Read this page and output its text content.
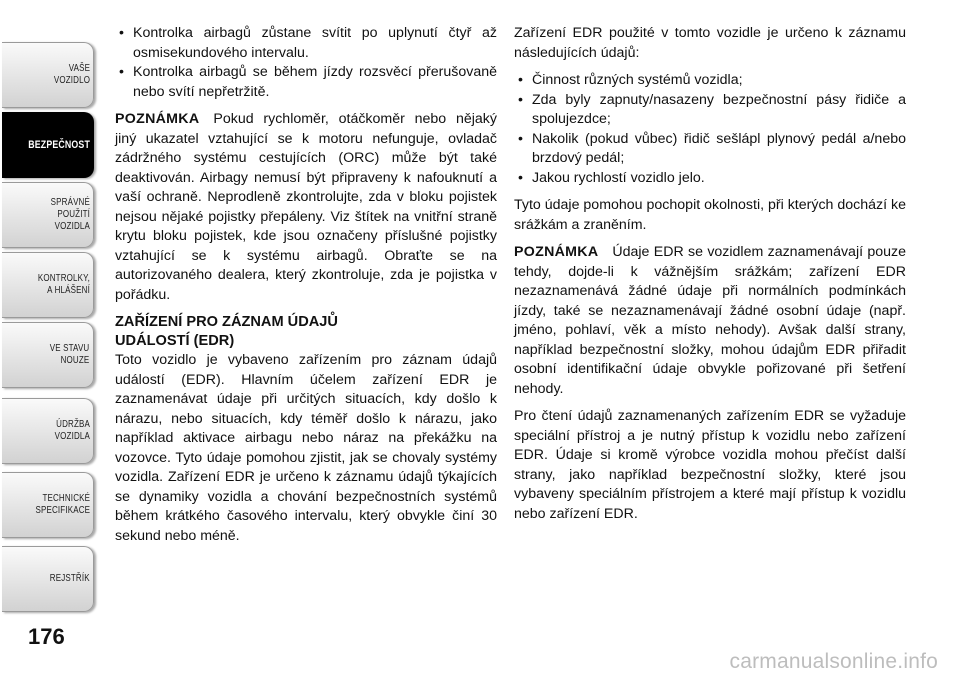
VAŠE
VOZIDLO
BEZPEČNOST
SPRÁVNÉ
POUŽITÍ
VOZIDLA
KONTROLKY,
A HLÁŠENÍ
VE STAVU
NOUZE
ÚDRŽBA
VOZIDLA
TECHNICKÉ
SPECIFIKACE
REJSTŘÍK
176
• Kontrolka airbagů zůstane svítit po uplynutí čtyř až osmisekundového intervalu.
• Kontrolka airbagů se během jízdy rozsvěcí přerušovaně nebo svítí nepřetržitě.

POZNÁMKA Pokud rychloměr, otáčkoměr nebo nějaký jiný ukazatel vztahující se k motoru nefunguje, ovladač zádržného systému cestujících (ORC) může být také deaktivován. Airbagy nemusí být připraveny k nafouknutí a vaší ochraně. Neprodleně zkontrolujte, zda v bloku pojistek nejsou nějaké pojistky přepáleny. Viz štítek na vnitřní straně krytu bloku pojistek, kde jsou označeny příslušné pojistky vztahující se k systému airbagů. Obraťte se na autorizovaného dealera, který zkontroluje, zda je pojistka v pořádku.

ZAŘÍZENÍ PRO ZÁZNAM ÚDAJŮ
UDÁLOSTÍ (EDR)

Toto vozidlo je vybaveno zařízením pro záznam údajů událostí (EDR). Hlavním účelem zařízení EDR je zaznamenávat údaje při určitých situacích, kdy došlo k nárazu, nebo situacích, kdy téměř došlo k nárazu, jako například aktivace airbagu nebo náraz na překážku na vozovce. Tyto údaje pomohou zjistit, jak se chovaly systémy vozidla. Zařízení EDR je určeno k záznamu údajů týkajících se dynamiky vozidla a chování bezpečnostních systémů během krátkého časového intervalu, který obvykle činí 30 sekund nebo méně.

Zařízení EDR použité v tomto vozidle je určeno k záznamu následujících údajů:

• Činnost různých systémů vozidla;
• Zda byly zapnuty/nasazeny bezpečnostní pásy řidiče a spolujezdce;
• Nakolik (pokud vůbec) řidič sešlápl plynový pedál a/nebo brzdový pedál;
• Jakou rychlostí vozidlo jelo.

Tyto údaje pomohou pochopit okolnosti, při kterých dochází ke srážkám a zraněním.

POZNÁMKA Údaje EDR se vozidlem zaznamenávají pouze tehdy, dojde-li k vážnějším srážkám; zařízení EDR nezaznamenává žádné údaje při normálních podmínkách jízdy, také se nezaznamenávají žádné osobní údaje (např. jméno, pohlaví, věk a místo nehody). Avšak další strany, například bezpečnostní složky, mohou údajům EDR přiřadit osobní identifikační údaje obvykle pořizované při šetření nehody.

Pro čtení údajů zaznamenaných zařízením EDR se vyžaduje speciální přístroj a je nutný přístup k vozidlu nebo zařízení EDR. Údaje si kromě výrobce vozidla mohou přečíst další strany, jako například bezpečnostní složky, které jsou vybaveny speciálním přístrojem a které mají přístup k vozidlu nebo zařízení EDR.

carmanualsonline.info
